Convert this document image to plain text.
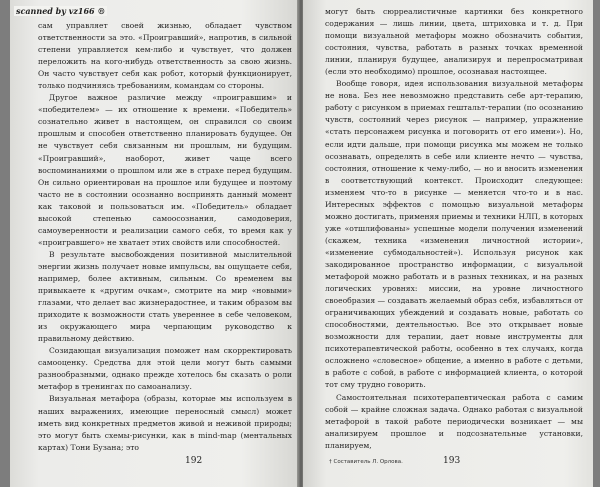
сам управляет своей жизнью, обладает чувством ответственности за это. «Проигравший», напротив, в сильной степени управляется кем-либо и чувствует, что должен переложить на кого-нибудь ответственность за свою жизнь. Он часто чувствует себя как робот, который функционирует, только подчиняясь требованиям, командам со стороны.

Другое важное различие между «проигравшим» и «победителем» — их отношение к времени. «Победитель» сознательно живет в настоящем, он справился со своим прошлым и способен ответственно планировать будущее. Он не чувствует себя связанным ни прошлым, ни будущим. «Проигравший», наоборот, живет чаще всего воспоминаниями о прошлом или же в страхе перед будущим. Он сильно ориентирован на прошлое или будущее и поэтому часто не в состоянии осознанно воспринять данный момент как таковой и пользоваться им. «Победитель» обладает высокой степенью самоосознания, самодоверия, самоуверенности и реализации самого себя, то время как у «проигравшего» не хватает этих свойств или способностей.

В результате высвобождения позитивной мыслительной энергии жизнь получает новые импульсы, вы ощущаете себя, например, более активным, сильным. Со временем вы привыкаете к «другим очкам», смотрите на мир «новыми» глазами, что делает вас жизнерадостнее, и таким образом вы приходите к возможности стать увереннее в себе человеком, из окружающего мира черпающим руководство к правильному действию.

Созидающая визуализация поможет нам скорректировать самооценку. Средства для этой цели могут быть самыми разнообразными, однако прежде хотелось бы сказать о роли метафор в тренингах по самоанализу.

Визуальная метафора (образы, которые мы используем в наших выражениях, имеющие переносный смысл) может иметь вид конкретных предметов живой и неживой природы; это могут быть схемы-рисунки, как в mind-map (ментальных картах) Тони Бузана; это

192

могут быть сюрреалистичные картинки без конкретного содержания — лишь линии, цвета, штриховка и т. д. При помощи визуальной метафоры можно обозначить события, состояния, чувства, работать в разных точках временной линии, планируя будущее, анализируя и перепросматривая (если это необходимо) прошлое, осознавая настоящее.

Вообще говоря, идея использования визуальной метафоры не нова. Без нее невозможно представить себе арт-терапию, работу с рисунком в приемах гештальт-терапии (по осознанию чувств, состояний через рисунок — например, упражнение «стать персонажем рисунка и поговорить от его имени»). Но, если идти дальше, при помощи рисунка мы можем не только осознавать, определять в себе или клиенте нечто — чувства, состояния, отношение к чему-либо, — но и вносить изменения в соответствующий контекст. Происходит следующее: изменяем что-то в рисунке — меняется что-то и в нас. Интересных эффектов с помощью визуальной метафоры можно достигать, применяя приемы и техники НЛП, в которых уже «отшлифованы» успешные модели получения изменений (скажем, техника «изменения личностной истории», «изменение субмодальностей»). Используя рисунок как закодированное пространство информации, с визуальной метафорой можно работать и в разных техниках, и на разных логических уровнях: миссии, на уровне личностного своеобразия — создавать желаемый образ себя, избавляться от ограничивающих убеждений и создавать новые, работать со способностями, деятельностью. Все это открывает новые возможности для терапии, дает новые инструменты для психотерапевтической работы, особенно в тех случаях, когда осложнено «словесное» общение, а именно в работе с детьми, в работе с собой, в работе с информацией клиента, о которой тот сму трудно говорить.

Самостоятельная психотерапевтическая работа с самим собой — крайне сложная задача. Однако работая с визуальной метафорой в такой работе периодически возникает — мы анализируем прошлое и подсознательные установки, планируем,

† Составитель Л. Орлова.	193
scanned by vz166 ®
